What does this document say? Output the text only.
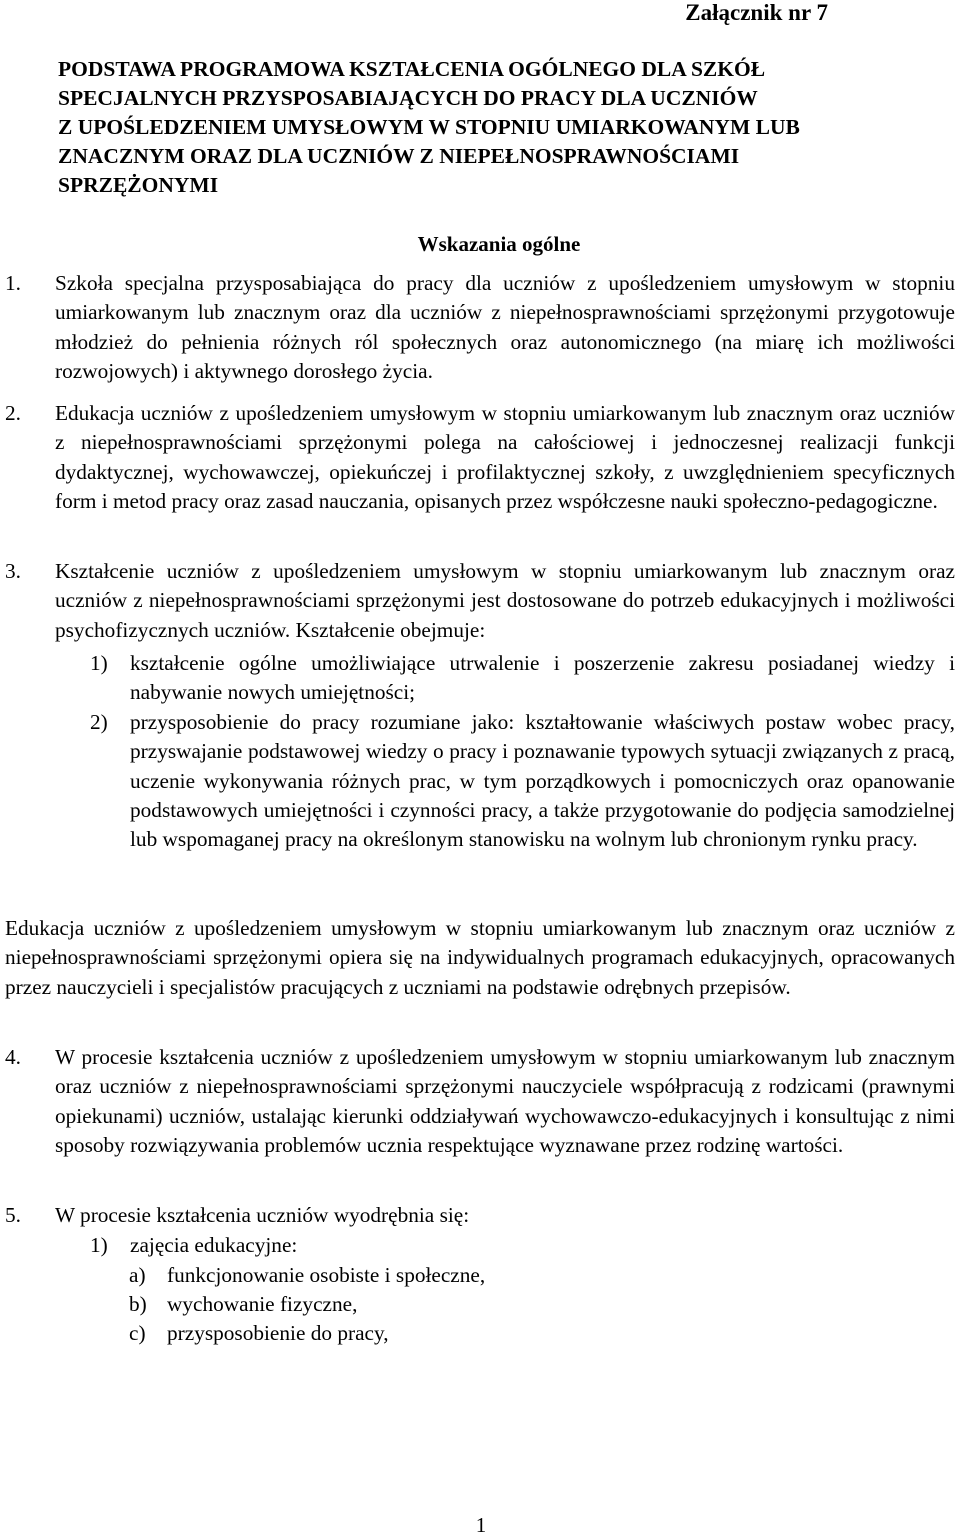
Załącznik nr 7
PODSTAWA PROGRAMOWA KSZTAŁCENIA OGÓLNEGO DLA SZKÓŁ
SPECJALNYCH PRZYSPOSABIAJĄCYCH DO PRACY DLA UCZNIÓW
Z UPOŚLEDZENIEM UMYSŁOWYM W STOPNIU UMIARKOWANYM LUB
ZNACZNYM ORAZ DLA UCZNIÓW Z NIEPEŁNOSPRAWNOŚCIAMI
SPRZĘŻONYMI
Wskazania ogólne
1. Szkoła specjalna przysposabiająca do pracy dla uczniów z upośledzeniem umysłowym w stopniu umiarkowanym lub znacznym oraz dla uczniów z niepełnosprawnościami sprzężonymi przygotowuje młodzież do pełnienia różnych ról społecznych oraz autonomicznego (na miarę ich możliwości rozwojowych) i aktywnego dorosłego życia.
2. Edukacja uczniów z upośledzeniem umysłowym w stopniu umiarkowanym lub znacznym oraz uczniów z niepełnosprawnościami sprzężonymi polega na całościowej i jednoczesnej realizacji funkcji dydaktycznej, wychowawczej, opiekuńczej i profilaktycznej szkoły, z uwzględnieniem specyficznych form i metod pracy oraz zasad nauczania, opisanych przez współczesne nauki społeczno-pedagogiczne.
3. Kształcenie uczniów z upośledzeniem umysłowym w stopniu umiarkowanym lub znacznym oraz uczniów z niepełnosprawnościami sprzężonymi jest dostosowane do potrzeb edukacyjnych i możliwości psychofizycznych uczniów. Kształcenie obejmuje:
1) kształcenie ogólne umożliwiające utrwalenie i poszerzenie zakresu posiadanej wiedzy i nabywanie nowych umiejętności;
2) przysposobienie do pracy rozumiane jako: kształtowanie właściwych postaw wobec pracy, przyswajanie podstawowej wiedzy o pracy i poznawanie typowych sytuacji związanych z pracą, uczenie wykonywania różnych prac, w tym porządkowych i pomocniczych oraz opanowanie podstawowych umiejętności i czynności pracy, a także przygotowanie do podjęcia samodzielnej lub wspomaganej pracy na określonym stanowisku na wolnym lub chronionym rynku pracy.
Edukacja uczniów z upośledzeniem umysłowym w stopniu umiarkowanym lub znacznym oraz uczniów z niepełnosprawnościami sprzężonymi opiera się na indywidualnych programach edukacyjnych, opracowanych przez nauczycieli i specjalistów pracujących z uczniami na podstawie odrębnych przepisów.
4. W procesie kształcenia uczniów z upośledzeniem umysłowym w stopniu umiarkowanym lub znacznym oraz uczniów z niepełnosprawnościami sprzężonymi nauczyciele współpracują z rodzicami (prawnymi opiekunami) uczniów, ustalając kierunki oddziaływań wychowawczo-edukacyjnych i konsultując z nimi sposoby rozwiązywania problemów ucznia respektujące wyznawane przez rodzinę wartości.
5. W procesie kształcenia uczniów wyodrębnia się:
1) zajęcia edukacyjne:
a) funkcjonowanie osobiste i społeczne,
b) wychowanie fizyczne,
c) przysposobienie do pracy,
1
